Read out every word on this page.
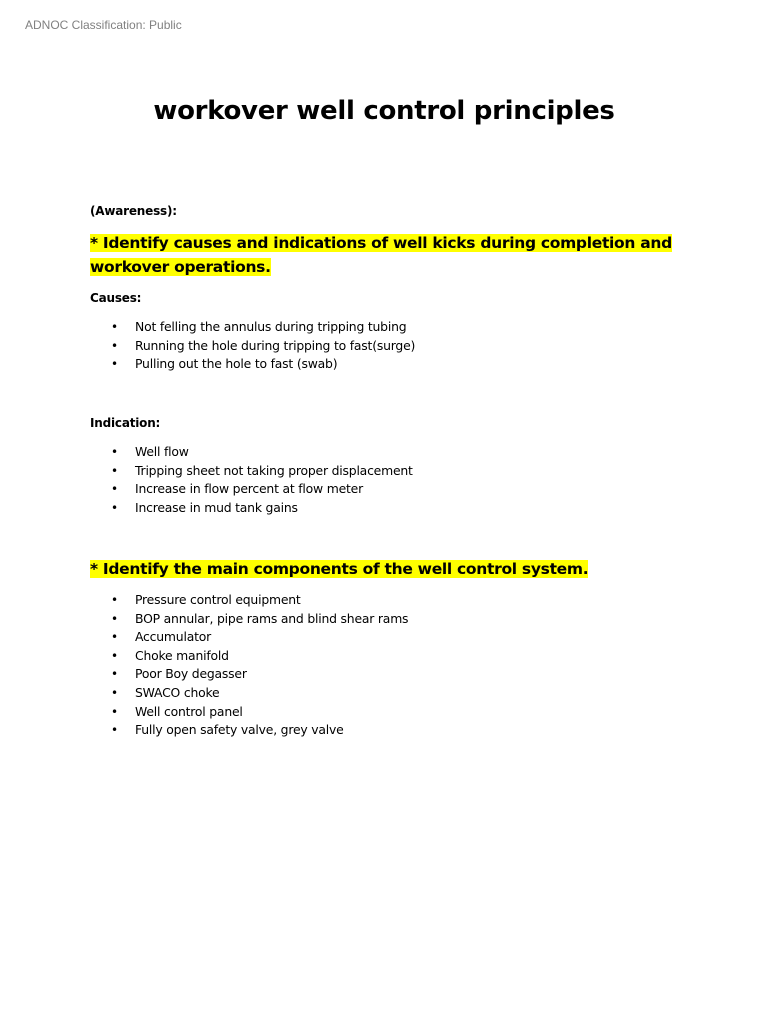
ADNOC Classification: Public
workover well control principles
(Awareness):
* Identify causes and indications of well kicks during completion and workover operations.
Causes:
• Not felling the annulus during tripping tubing
• Running the hole during tripping to fast(surge)
• Pulling out the hole to fast (swab)
Indication:
• Well flow
• Tripping sheet not taking proper displacement
• Increase in flow percent at flow meter
• Increase in mud tank gains
* Identify the main components of the well control system.
• Pressure control equipment
• BOP annular, pipe rams and blind shear rams
• Accumulator
• Choke manifold
• Poor Boy degasser
• SWACO choke
• Well control panel
• Fully open safety valve, grey valve
